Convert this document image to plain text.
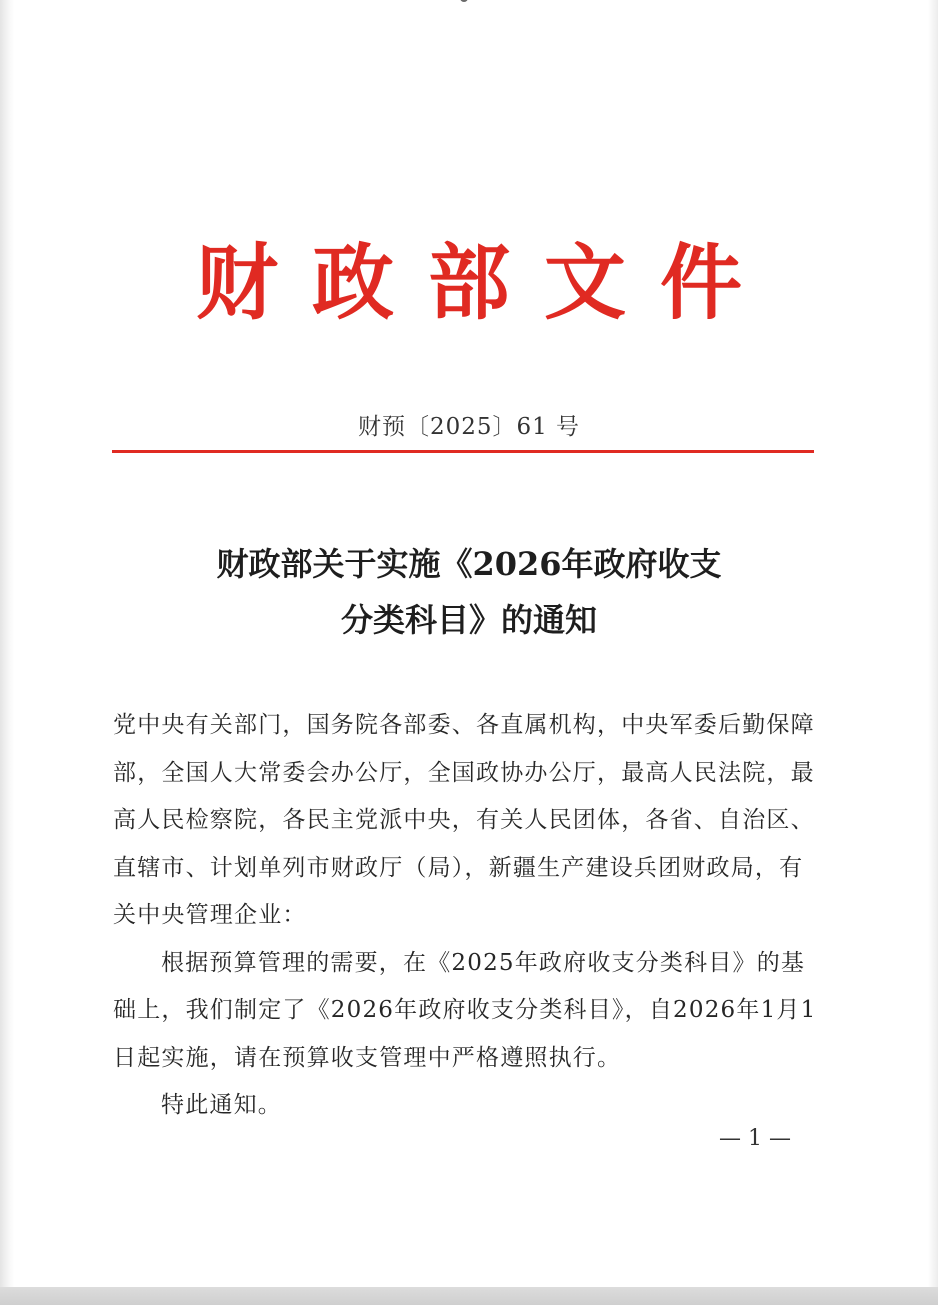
财政部文件
财预〔2025〕61 号
财政部关于实施《2026年政府收支
分类科目》的通知

党中央有关部门，国务院各部委、各直属机构，中央军委后勤保障部，全国人大常委会办公厅，全国政协办公厅，最高人民法院，最高人民检察院，各民主党派中央，有关人民团体，各省、自治区、直辖市、计划单列市财政厅（局），新疆生产建设兵团财政局，有关中央管理企业：

根据预算管理的需要，在《2025年政府收支分类科目》的基础上，我们制定了《2026年政府收支分类科目》，自2026年1月1日起实施，请在预算收支管理中严格遵照执行。

特此通知。

— 1 —
